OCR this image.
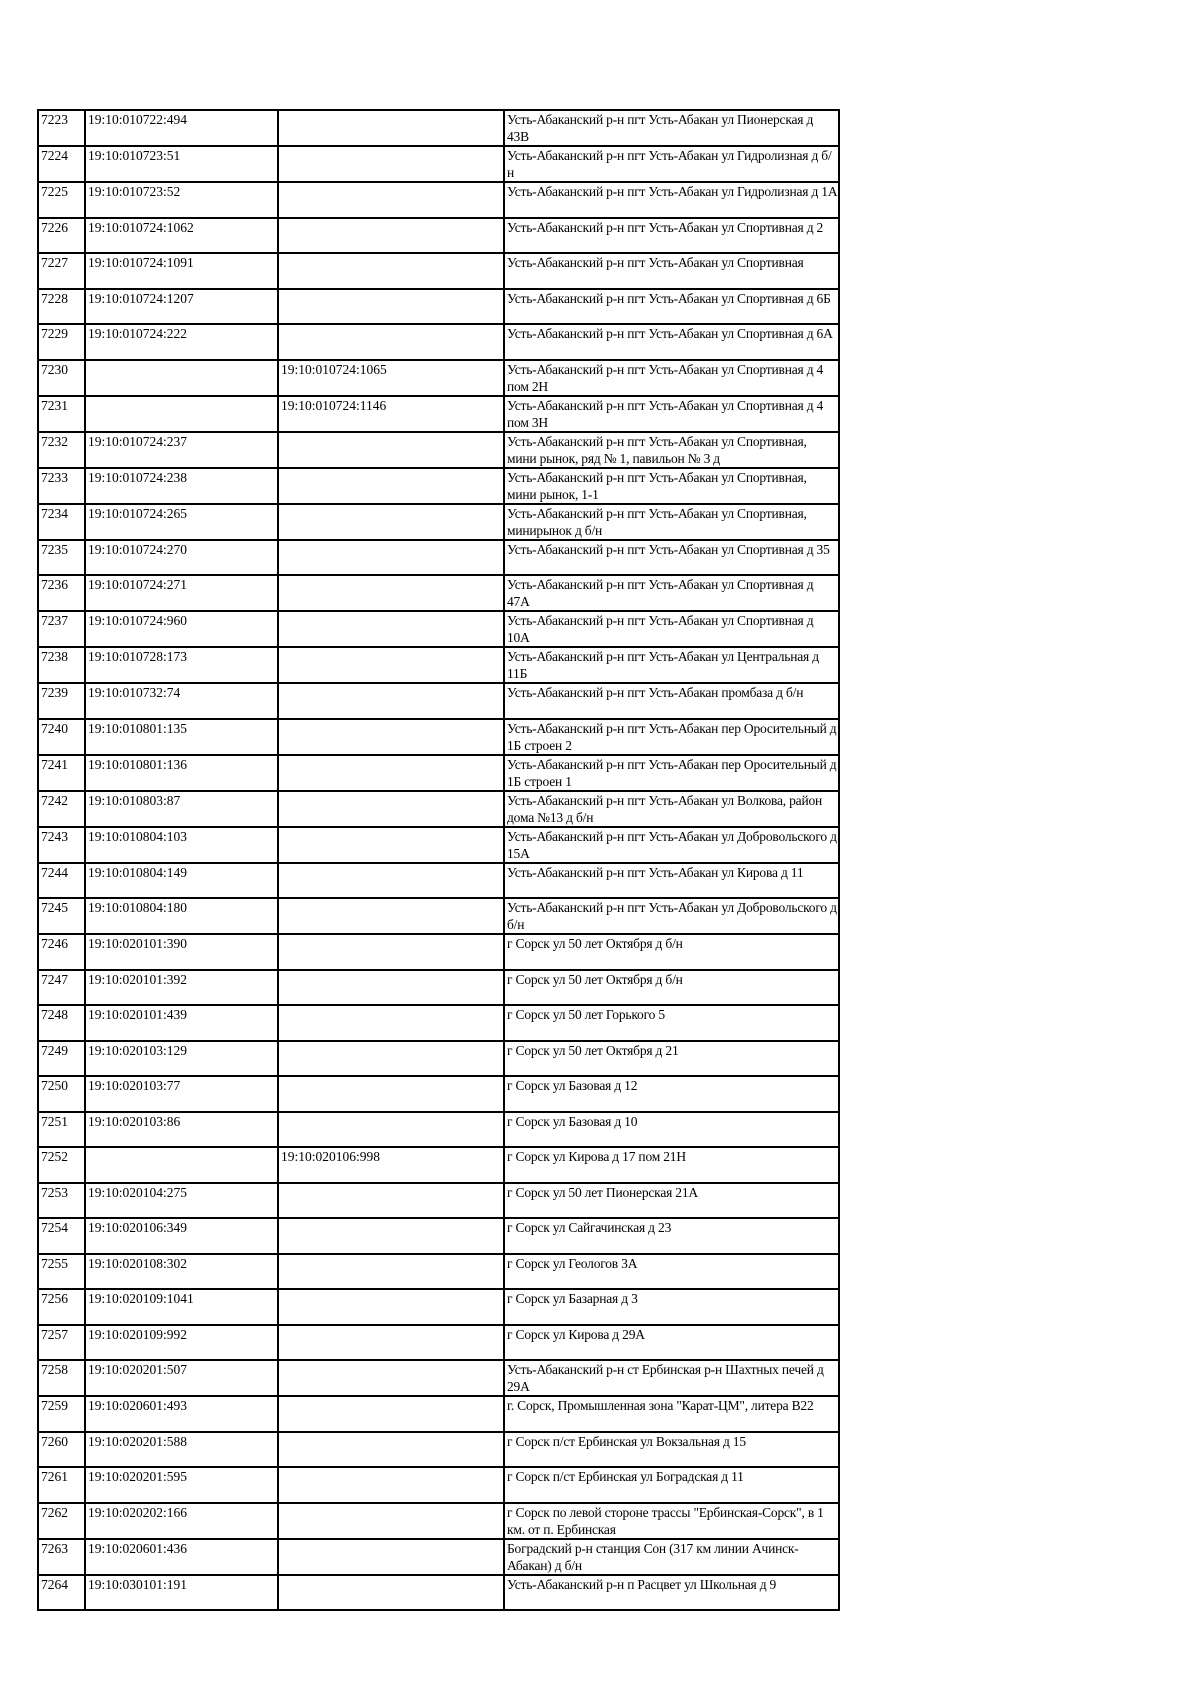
7223	19:10:010722:494		Усть-Абаканский р-н пгт Усть-Абакан ул Пионерская д 43В

7224	19:10:010723:51		Усть-Абаканский р-н пгт Усть-Абакан ул Гидролизная д б/н

7225	19:10:010723:52		Усть-Абаканский р-н пгт Усть-Абакан ул Гидролизная д 1А

7226	19:10:010724:1062		Усть-Абаканский р-н пгт Усть-Абакан ул Спортивная д 2

7227	19:10:010724:1091		Усть-Абаканский р-н пгт Усть-Абакан ул Спортивная

7228	19:10:010724:1207		Усть-Абаканский р-н пгт Усть-Абакан ул Спортивная д 6Б

7229	19:10:010724:222		Усть-Абаканский р-н пгт Усть-Абакан ул Спортивная д 6А

7230		19:10:010724:1065	Усть-Абаканский р-н пгт Усть-Абакан ул Спортивная д 4 пом 2Н

7231		19:10:010724:1146	Усть-Абаканский р-н пгт Усть-Абакан ул Спортивная д 4 пом 3Н

7232	19:10:010724:237		Усть-Абаканский р-н пгт Усть-Абакан ул Спортивная, мини рынок, ряд № 1, павильон № 3 д

7233	19:10:010724:238		Усть-Абаканский р-н пгт Усть-Абакан ул Спортивная, мини рынок, 1-1

7234	19:10:010724:265		Усть-Абаканский р-н пгт Усть-Абакан ул Спортивная, минирынок д б/н

7235	19:10:010724:270		Усть-Абаканский р-н пгт Усть-Абакан ул Спортивная д 35

7236	19:10:010724:271		Усть-Абаканский р-н пгт Усть-Абакан ул Спортивная д 47А

7237	19:10:010724:960		Усть-Абаканский р-н пгт Усть-Абакан ул Спортивная д 10А

7238	19:10:010728:173		Усть-Абаканский р-н пгт Усть-Абакан ул Центральная д 11Б

7239	19:10:010732:74		Усть-Абаканский р-н пгт Усть-Абакан промбаза д б/н

7240	19:10:010801:135		Усть-Абаканский р-н пгт Усть-Абакан пер Оросительный д 1Б строен 2

7241	19:10:010801:136		Усть-Абаканский р-н пгт Усть-Абакан пер Оросительный д 1Б строен 1

7242	19:10:010803:87		Усть-Абаканский р-н пгт Усть-Абакан ул Волкова, район дома №13 д б/н

7243	19:10:010804:103		Усть-Абаканский р-н пгт Усть-Абакан ул Добровольского д 15А

7244	19:10:010804:149		Усть-Абаканский р-н пгт Усть-Абакан ул Кирова д 11

7245	19:10:010804:180		Усть-Абаканский р-н пгт Усть-Абакан ул Добровольского д б/н

7246	19:10:020101:390		г Сорск ул 50 лет Октября д б/н

7247	19:10:020101:392		г Сорск ул 50 лет Октября д б/н

7248	19:10:020101:439		г Сорск ул 50 лет Горького 5

7249	19:10:020103:129		г Сорск ул 50 лет Октября д 21

7250	19:10:020103:77		г Сорск ул Базовая д 12

7251	19:10:020103:86		г Сорск ул Базовая д 10

7252		19:10:020106:998	г Сорск ул Кирова д 17 пом 21Н

7253	19:10:020104:275		г Сорск ул 50 лет Пионерская 21А

7254	19:10:020106:349		г Сорск ул Сайгачинская д 23

7255	19:10:020108:302		г Сорск ул Геологов 3А

7256	19:10:020109:1041		г Сорск ул Базарная д 3

7257	19:10:020109:992		г Сорск ул Кирова д 29А

7258	19:10:020201:507		Усть-Абаканский р-н ст Ербинская р-н Шахтных печей д 29А

7259	19:10:020601:493		г. Сорск, Промышленная зона "Карат-ЦМ", литера В22

7260	19:10:020201:588		г Сорск п/ст Ербинская ул Вокзальная д 15

7261	19:10:020201:595		г Сорск п/ст Ербинская ул Боградская д 11

7262	19:10:020202:166		г Сорск по левой стороне трассы "Ербинская-Сорск", в 1 км. от п. Ербинская

7263	19:10:020601:436		Боградский р-н станция Сон (317 км линии Ачинск- Абакан) д б/н

7264	19:10:030101:191		Усть-Абаканский р-н п Расцвет ул Школьная д 9
